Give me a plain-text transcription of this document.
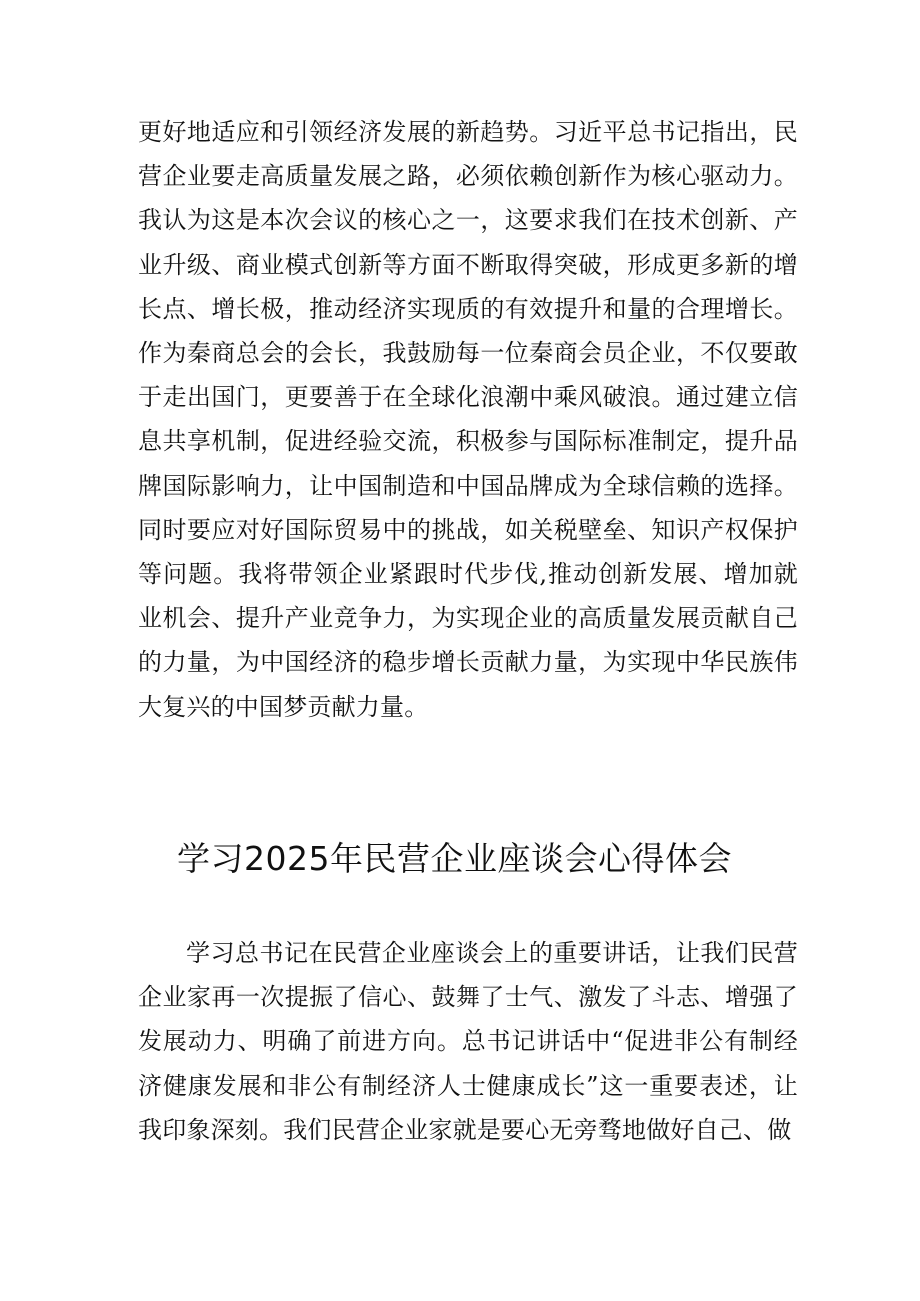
更好地适应和引领经济发展的新趋势。习近平总书记指出，民营企业要走高质量发展之路，必须依赖创新作为核心驱动力。我认为这是本次会议的核心之一，这要求我们在技术创新、产业升级、商业模式创新等方面不断取得突破，形成更多新的增长点、增长极，推动经济实现质的有效提升和量的合理增长。作为秦商总会的会长，我鼓励每一位秦商会员企业，不仅要敢于走出国门，更要善于在全球化浪潮中乘风破浪。通过建立信息共享机制，促进经验交流，积极参与国际标准制定，提升品牌国际影响力，让中国制造和中国品牌成为全球信赖的选择。同时要应对好国际贸易中的挑战，如关税壁垒、知识产权保护等问题。我将带领企业紧跟时代步伐,推动创新发展、增加就业机会、提升产业竞争力，为实现企业的高质量发展贡献自己的力量，为中国经济的稳步增长贡献力量，为实现中华民族伟大复兴的中国梦贡献力量。

学习2025年民营企业座谈会心得体会

学习总书记在民营企业座谈会上的重要讲话，让我们民营企业家再一次提振了信心、鼓舞了士气、激发了斗志、增强了发展动力、明确了前进方向。总书记讲话中“促进非公有制经济健康发展和非公有制经济人士健康成长”这一重要表述，让我印象深刻。我们民营企业家就是要心无旁骛地做好自己、做
